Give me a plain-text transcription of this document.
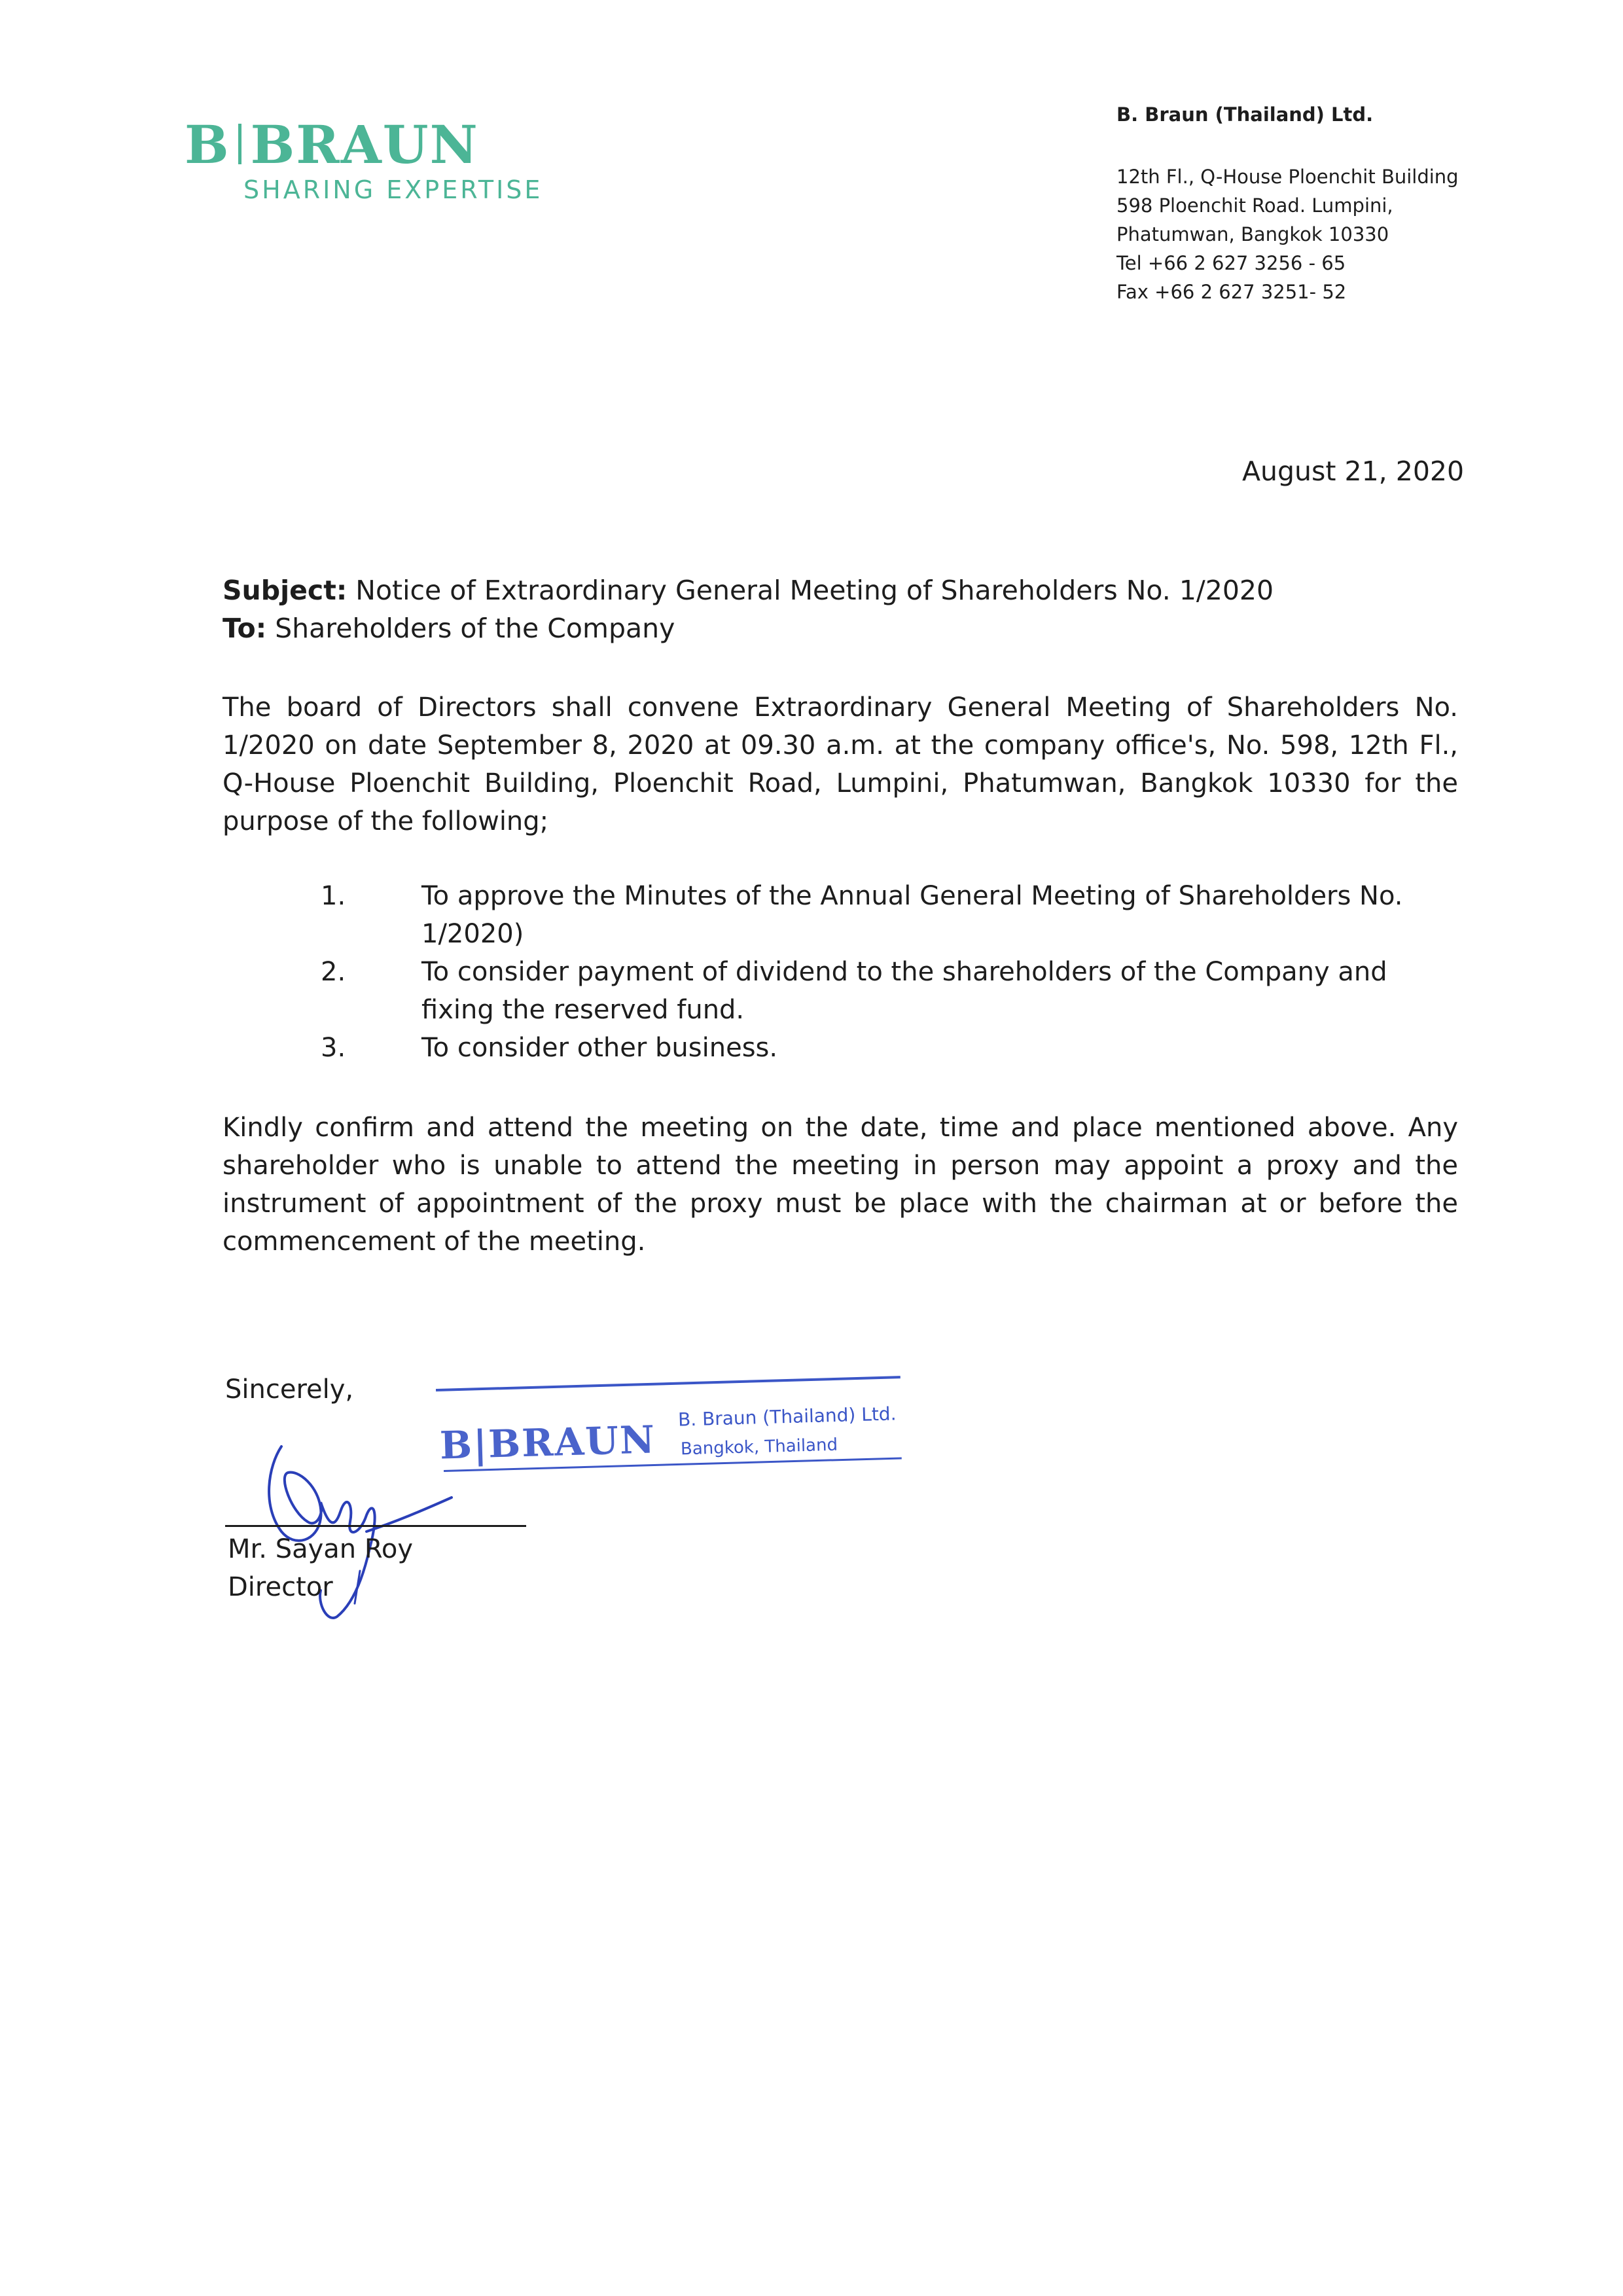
B BRAUN
SHARING EXPERTISE
B. Braun (Thailand) Ltd.
12th Fl., Q-House Ploenchit Building
598 Ploenchit Road. Lumpini,
Phatumwan, Bangkok 10330
Tel +66 2 627 3256 - 65
Fax +66 2 627 3251- 52
August 21, 2020
Subject: Notice of Extraordinary General Meeting of Shareholders No. 1/2020
To: Shareholders of the Company
The board of Directors shall convene Extraordinary General Meeting of Shareholders No. 1/2020 on date September 8, 2020 at 09.30 a.m. at the company office's, No. 598, 12th Fl., Q-House Ploenchit Building, Ploenchit Road, Lumpini, Phatumwan, Bangkok 10330 for the purpose of the following;
1.	To approve the Minutes of the Annual General Meeting of Shareholders No. 1/2020)
2.	To consider payment of dividend to the shareholders of the Company and fixing the reserved fund.
3.	To consider other business.
Kindly confirm and attend the meeting on the date, time and place mentioned above. Any shareholder who is unable to attend the meeting in person may appoint a proxy and the instrument of appointment of the proxy must be place with the chairman at or before the commencement of the meeting.
Sincerely,
B|BRAUN
B. Braun (Thailand) Ltd.
Bangkok, Thailand
Mr. Sayan Roy
Director
